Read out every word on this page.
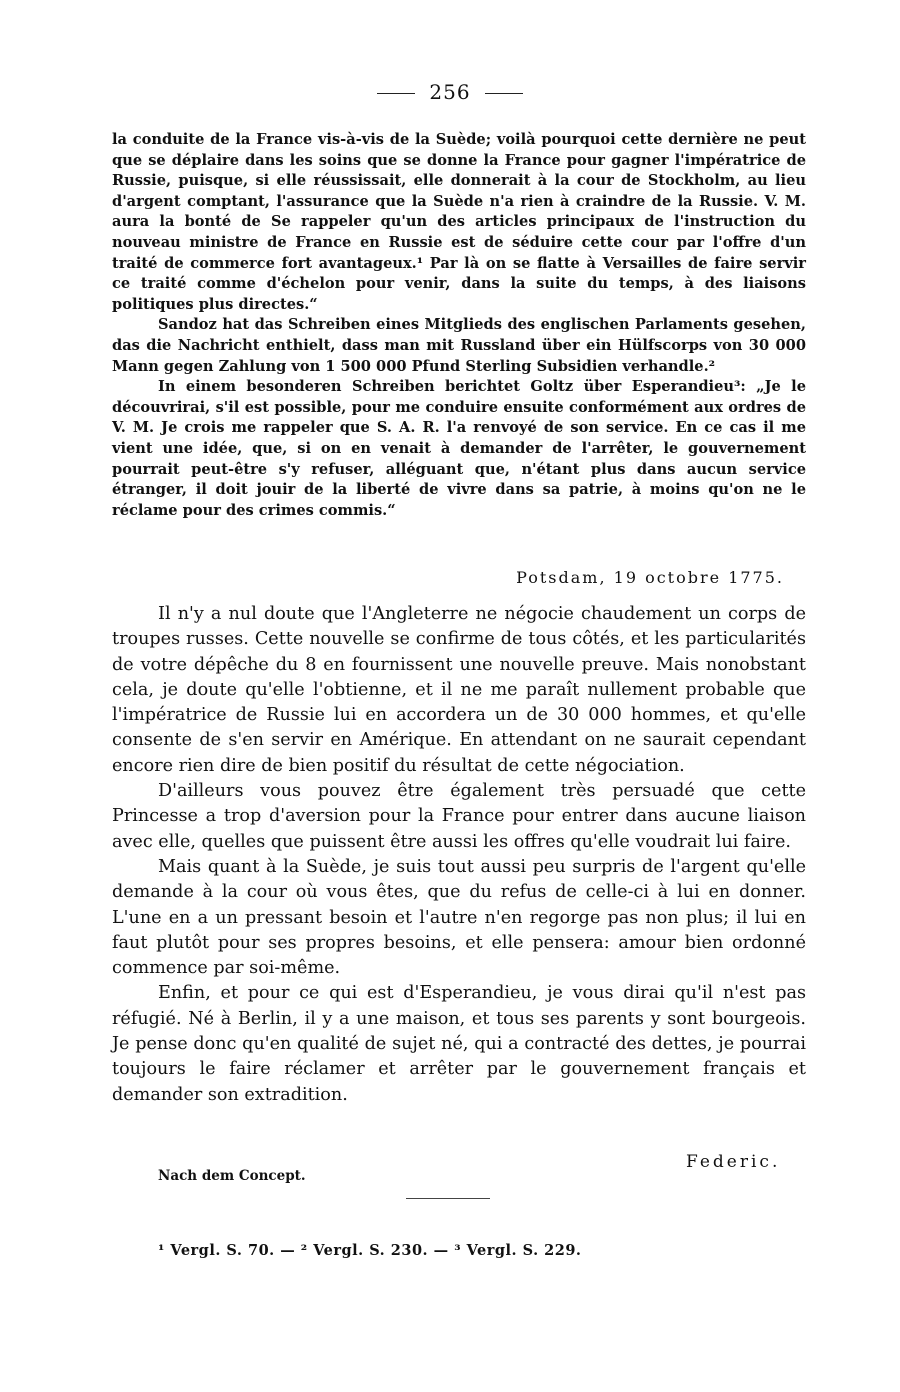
256

la conduite de la France vis-à-vis de la Suède; voilà pourquoi cette dernière ne peut que se déplaire dans les soins que se donne la France pour gagner l'impératrice de Russie, puisque, si elle réussissait, elle donnerait à la cour de Stockholm, au lieu d'argent comptant, l'assurance que la Suède n'a rien à craindre de la Russie. V. M. aura la bonté de Se rappeler qu'un des articles principaux de l'instruction du nouveau ministre de France en Russie est de séduire cette cour par l'offre d'un traité de commerce fort avantageux.¹ Par là on se flatte à Versailles de faire servir ce traité comme d'échelon pour venir, dans la suite du temps, à des liaisons politiques plus directes.“

Sandoz hat das Schreiben eines Mitglieds des englischen Parlaments gesehen, das die Nachricht enthielt, dass man mit Russland über ein Hülfscorps von 30 000 Mann gegen Zahlung von 1 500 000 Pfund Sterling Subsidien verhandle.²

In einem besonderen Schreiben berichtet Goltz über Esperandieu³: „Je le découvrirai, s'il est possible, pour me conduire ensuite conformément aux ordres de V. M. Je crois me rappeler que S. A. R. l'a renvoyé de son service. En ce cas il me vient une idée, que, si on en venait à demander de l'arrêter, le gouvernement pourrait peut-être s'y refuser, alléguant que, n'étant plus dans aucun service étranger, il doit jouir de la liberté de vivre dans sa patrie, à moins qu'on ne le réclame pour des crimes commis.“

Potsdam, 19 octobre 1775.

Il n'y a nul doute que l'Angleterre ne négocie chaudement un corps de troupes russes. Cette nouvelle se confirme de tous côtés, et les particularités de votre dépêche du 8 en fournissent une nouvelle preuve. Mais nonobstant cela, je doute qu'elle l'obtienne, et il ne me paraît nullement probable que l'impératrice de Russie lui en accordera un de 30 000 hommes, et qu'elle consente de s'en servir en Amérique. En attendant on ne saurait cependant encore rien dire de bien positif du résultat de cette négociation.

D'ailleurs vous pouvez être également très persuadé que cette Princesse a trop d'aversion pour la France pour entrer dans aucune liaison avec elle, quelles que puissent être aussi les offres qu'elle voudrait lui faire.

Mais quant à la Suède, je suis tout aussi peu surpris de l'argent qu'elle demande à la cour où vous êtes, que du refus de celle-ci à lui en donner. L'une en a un pressant besoin et l'autre n'en regorge pas non plus; il lui en faut plutôt pour ses propres besoins, et elle pensera: amour bien ordonné commence par soi-même.

Enfin, et pour ce qui est d'Esperandieu, je vous dirai qu'il n'est pas réfugié. Né à Berlin, il y a une maison, et tous ses parents y sont bourgeois. Je pense donc qu'en qualité de sujet né, qui a contracté des dettes, je pourrai toujours le faire réclamer et arrêter par le gouvernement français et demander son extradition.

Federic.
Nach dem Concept.
¹ Vergl. S. 70. — ² Vergl. S. 230. — ³ Vergl. S. 229.
